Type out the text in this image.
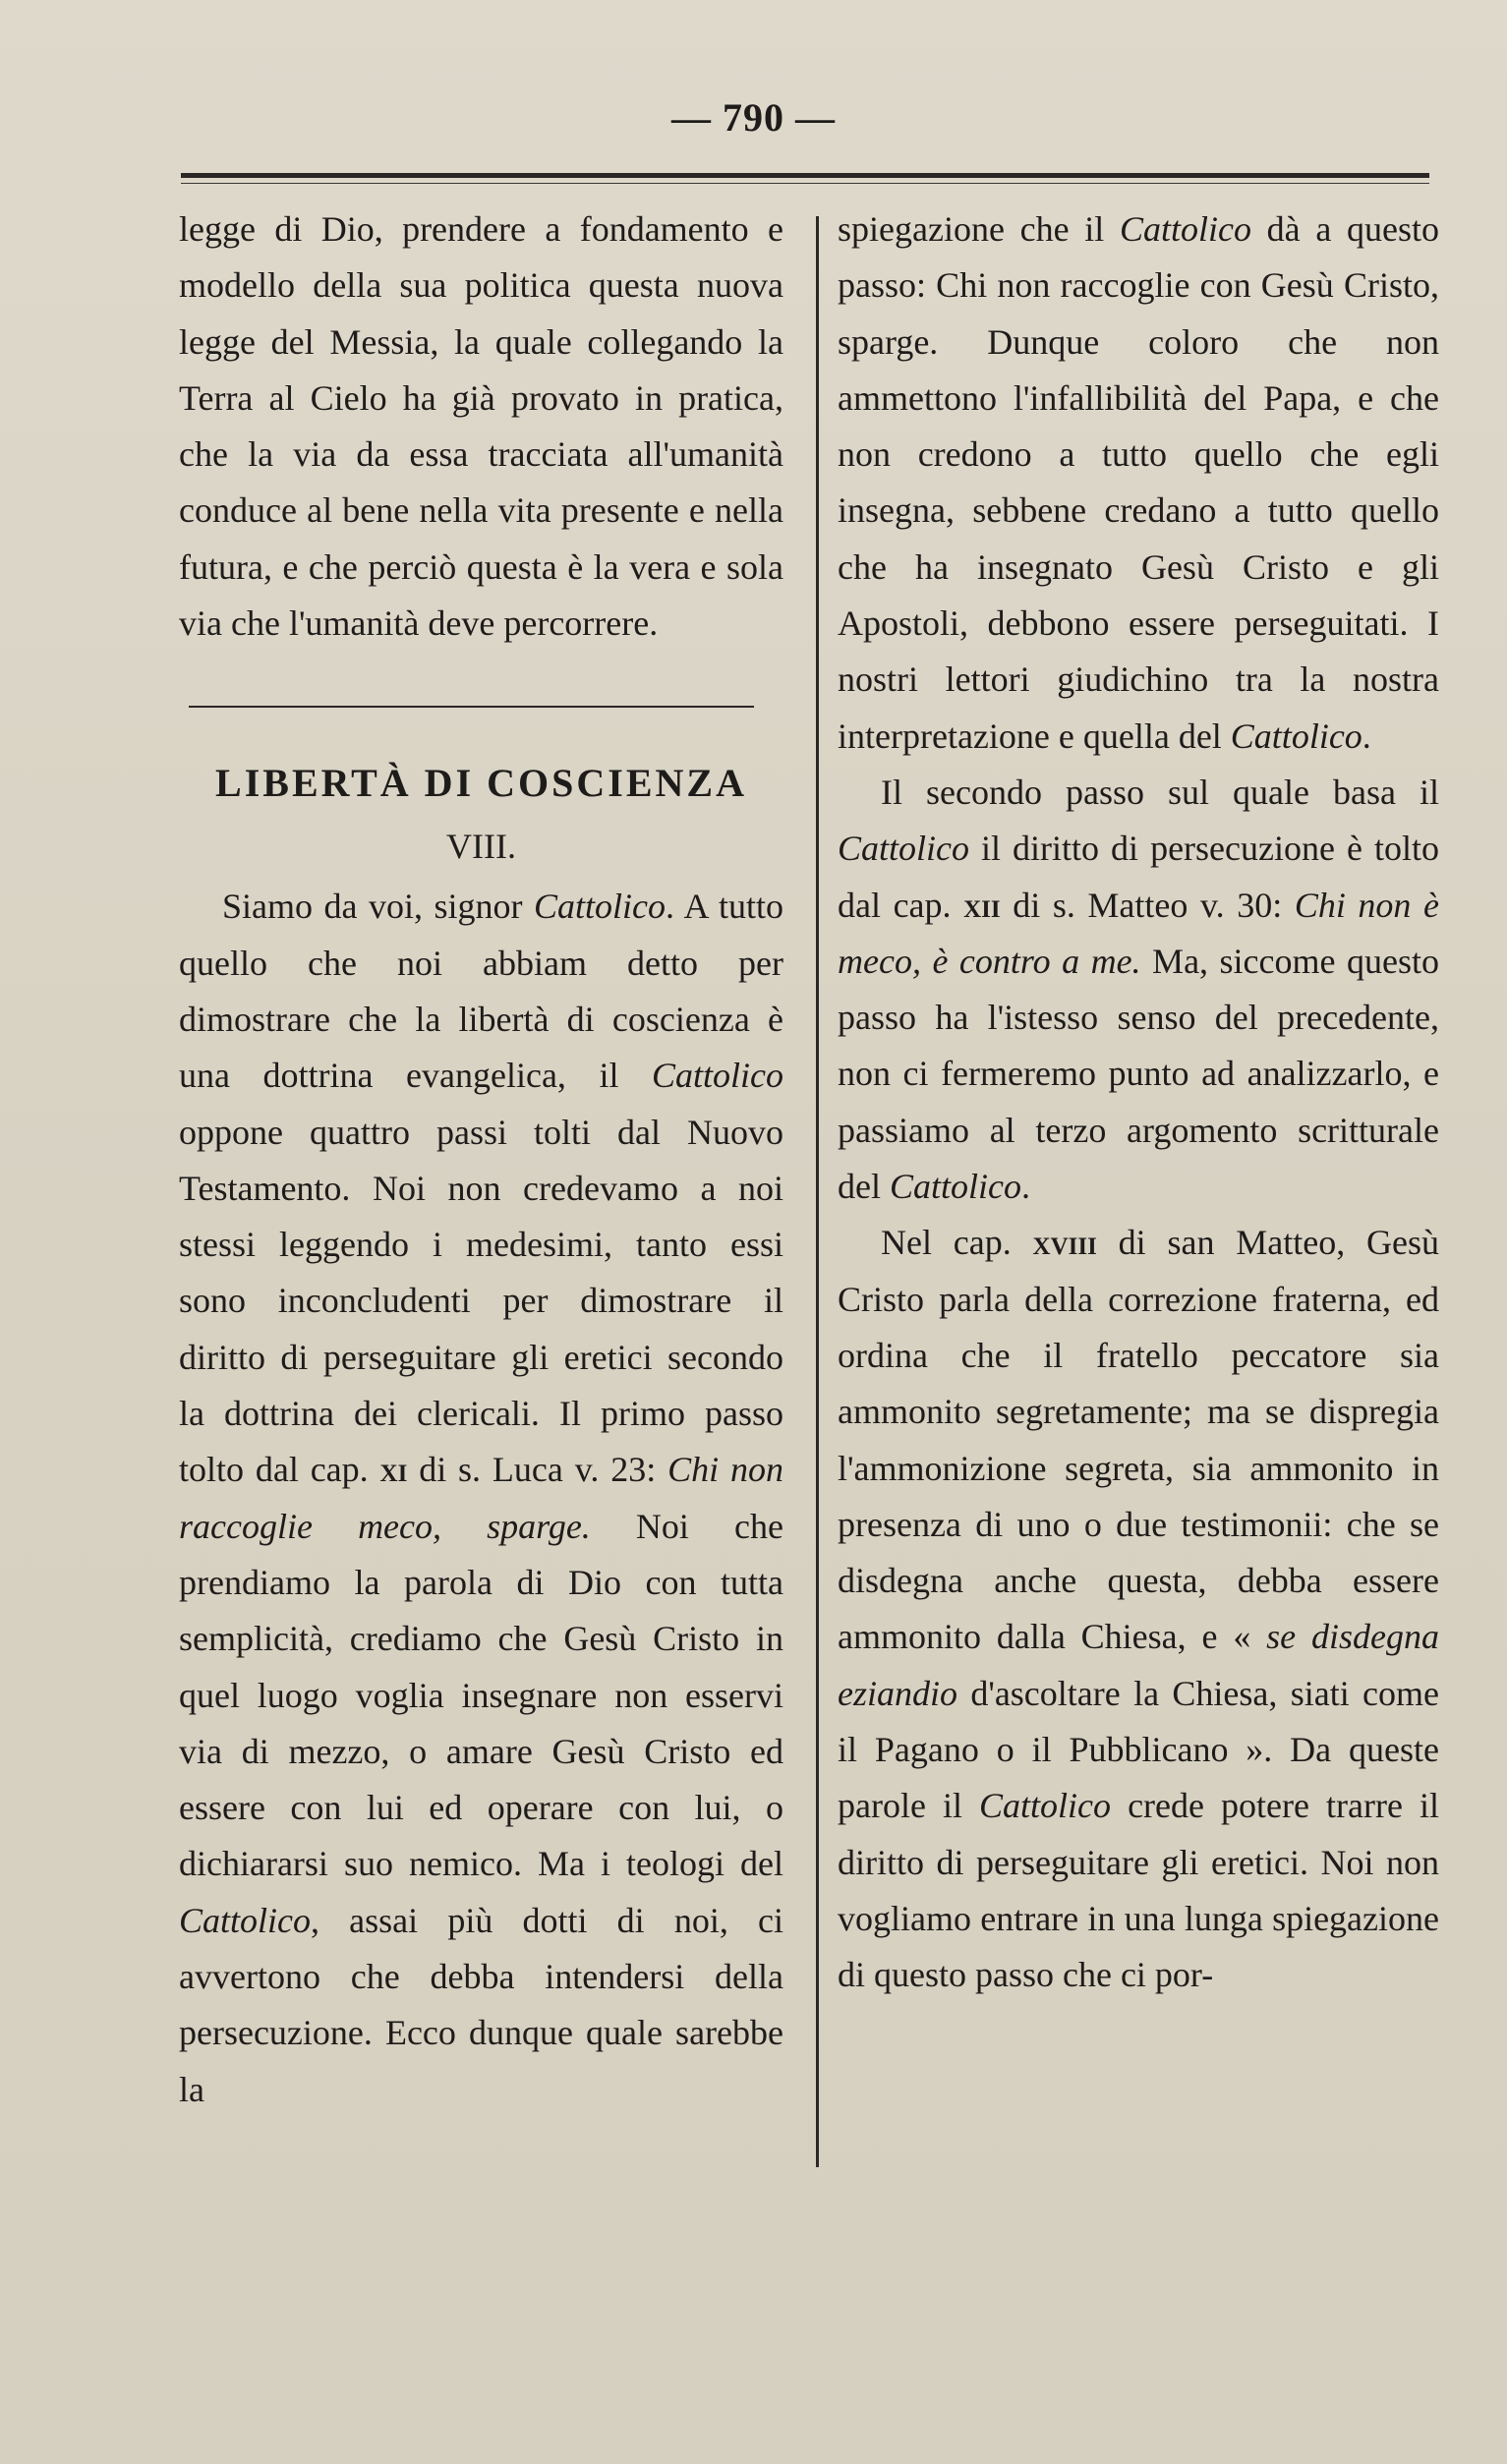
— 790 —

legge di Dio, prendere a fondamento e modello della sua politica questa nuova legge del Messia, la quale collegando la Terra al Cielo ha già provato in pratica, che la via da essa tracciata all'umanità conduce al bene nella vita presente e nella futura, e che perciò questa è la vera e sola via che l'umanità deve percorrere.

LIBERTÀ DI COSCIENZA
VIII.

Siamo da voi, signor Cattolico. A tutto quello che noi abbiam detto per dimostrare che la libertà di coscienza è una dottrina evangelica, il Cattolico oppone quattro passi tolti dal Nuovo Testamento. Noi non credevamo a noi stessi leggendo i medesimi, tanto essi sono inconcludenti per dimostrare il diritto di perseguitare gli eretici secondo la dottrina dei clericali. Il primo passo tolto dal cap. xi di s. Luca v. 23: Chi non raccoglie meco, sparge. Noi che prendiamo la parola di Dio con tutta semplicità, crediamo che Gesù Cristo in quel luogo voglia insegnare non esservi via di mezzo, o amare Gesù Cristo ed essere con lui ed operare con lui, o dichiararsi suo nemico. Ma i teologi del Cattolico, assai più dotti di noi, ci avvertono che debba intendersi della persecuzione. Ecco dunque quale sarebbe la

spiegazione che il Cattolico dà a questo passo: Chi non raccoglie con Gesù Cristo, sparge. Dunque coloro che non ammettono l'infallibilità del Papa, e che non credono a tutto quello che egli insegna, sebbene credano a tutto quello che ha insegnato Gesù Cristo e gli Apostoli, debbono essere perseguitati. I nostri lettori giudichino tra la nostra interpretazione e quella del Cattolico.

Il secondo passo sul quale basa il Cattolico il diritto di persecuzione è tolto dal cap. xii di s. Matteo v. 30: Chi non è meco, è contro a me. Ma, siccome questo passo ha l'istesso senso del precedente, non ci fermeremo punto ad analizzarlo, e passiamo al terzo argomento scritturale del Cattolico.

Nel cap. xviii di san Matteo, Gesù Cristo parla della correzione fraterna, ed ordina che il fratello peccatore sia ammonito segretamente; ma se dispregia l'ammonizione segreta, sia ammonito in presenza di uno o due testimonii: che se disdegna anche questa, debba essere ammonito dalla Chiesa, e « se disdegna eziandio d'ascoltare la Chiesa, siati come il Pagano o il Pubblicano ». Da queste parole il Cattolico crede potere trarre il diritto di perseguitare gli eretici. Noi non vogliamo entrare in una lunga spiegazione di questo passo che ci por-
